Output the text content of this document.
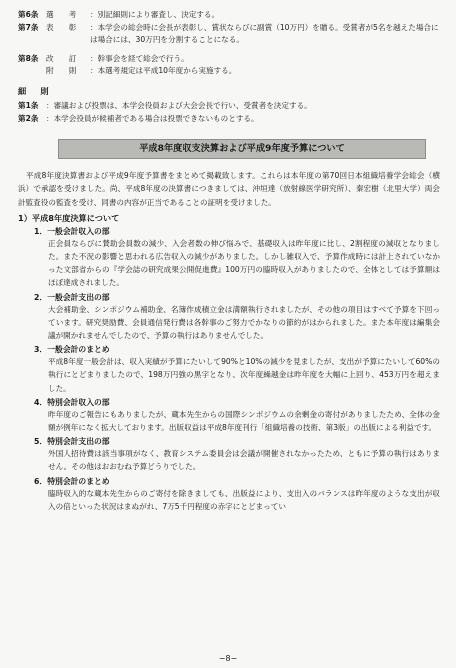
第6条 選　　考	：別記細則により審査し、決定する。
第7条 表　　彰	：本学会の総会時に会長が表彰し、賞状ならびに副賞（10万円）を贈る。受賞者が5名を越えた場合には場合には、30万円を分割することになる。
第8条 改　　訂	：幹事会を経て総会で行う。
附　　則	：本選考規定は平成10年度から実施する。
細　則
第1条 ：審議および投票は、本学会役員および大会会長で行い、受賞者を決定する。
第2条 ：本学会役員が候補者である場合は投票できないものとする。
平成8年度収支決算および平成9年度予算について

平成8年度決算書および平成9年度予算書をまとめて掲載致します。これらは本年度の第70回日本組織培養学会総会（横浜）で承認を受けました。尚、平成8年度の決算書につきましては、沖垣達（放射線医学研究所）、秦宏樹（北里大学）両会計監査役の監査を受け、同書の内容が正当であることの証明を受けました。

1）平成8年度決算について
1．一般会計収入の部

正会員ならびに賛助会員数の減少、入会者数の伸び悩みで、基礎収入は昨年度に比し、2割程度の減収となりました。また不況の影響と思われる広告収入の減少がありました。しかし雑収入で、予算作成時には計上されていなかった文部省からの『学会誌の研究成果公開促進費』100万円の臨時収入がありましたので、全体としては予算額はほぼ達成されました。

2．一般会計支出の部

大会補助金、シンポジウム補助金、名簿作成積立金は満額執行されましたが、その他の項目はすべて予算を下回っています。研究奨励費、会員通信発行費は各幹事のご努力でかなりの節約がはかられました。また本年度は編集会議が開かれませんでしたので、予算の執行はありませんでした。

3．一般会計のまとめ

平成8年度一般会計は、収入実績が予算にたいして90%と10%の減少を見ましたが、支出が予算にたいして60%の執行にとどまりましたので、198万円強の黒字となり、次年度繰越金は昨年度を大幅に上回り、453万円を超えました。

4．特別会計収入の部

昨年度のご報告にもありましたが、蔵本先生からの国際シンポジウムの余剰金の寄付がありましたため、全体の金額が例年になく拡大しております。出版収益は平成8年度刊行「組織培養の技術、第3版」の出版による利益です。

5．特別会計支出の部

外国人招待費は該当事項がなく、教育システム委員会は会議が開催されなかったため、ともに予算の執行はありません。その他はおおむね予算どうりでした。

6．特別会計のまとめ

臨時収入的な蔵本先生からのご寄付を除きましても、出版益により、支出入のバランスは昨年度のような支出が収入の倍といった状況はまぬがれ、7万5千円程度の赤字にとどまってい

−8−
